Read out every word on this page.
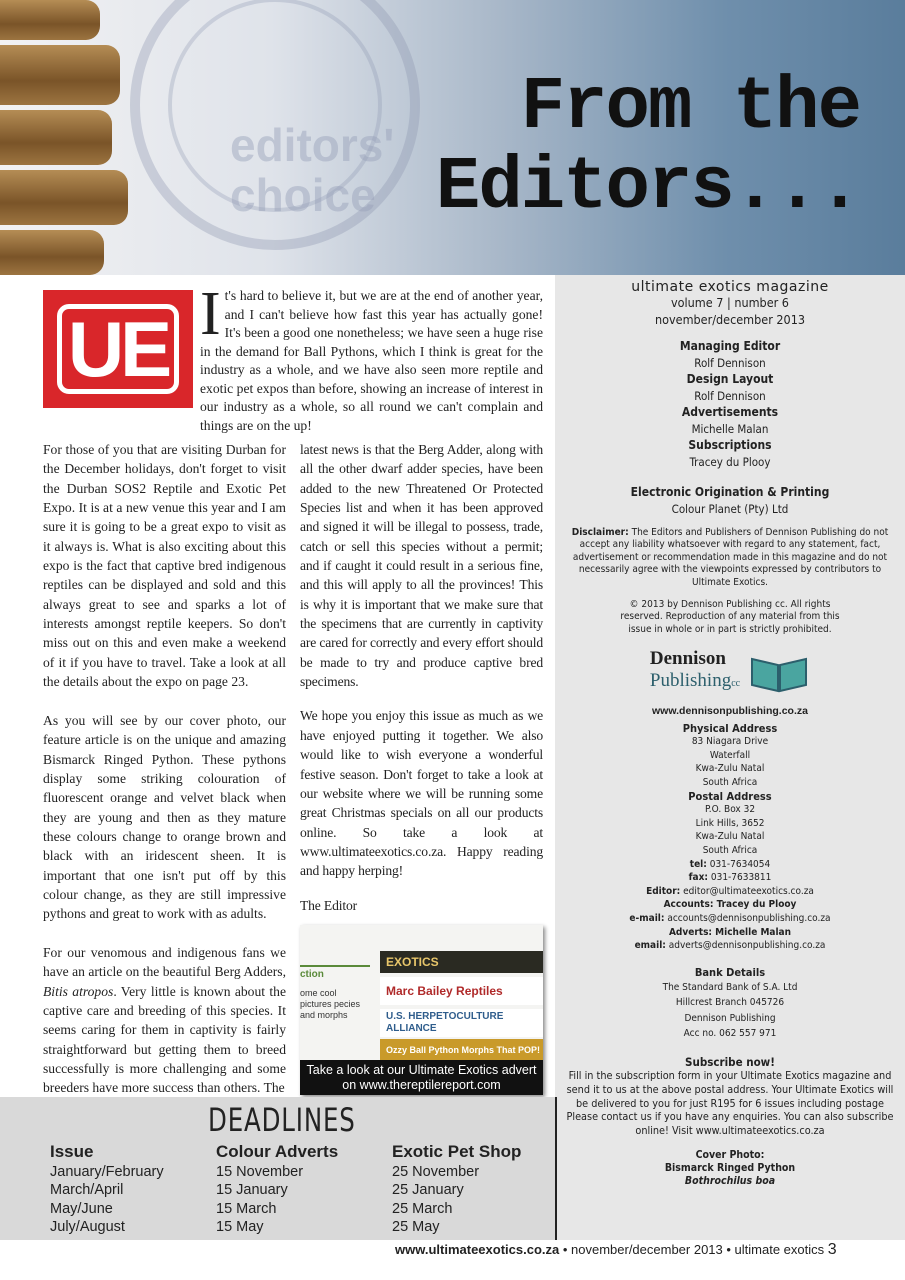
editors'
choice
From the
Editors...
UE It's hard to believe it, but we are at the end of another year, and I can't believe how fast this year has actually gone! It's been a good one nonetheless; we have seen a huge rise in the demand for Ball Pythons, which I think is great for the industry as a whole, and we have also seen more reptile and exotic pet expos than before, showing an increase of interest in our industry as a whole, so all round we can't complain and things are on the up!

For those of you that are visiting Durban for the December holidays, don't forget to visit the Durban SOS2 Reptile and Exotic Pet Expo. It is at a new venue this year and I am sure it is going to be a great expo to visit as it always is. What is also exciting about this expo is the fact that captive bred indigenous reptiles can be displayed and sold and this always great to see and sparks a lot of interests amongst reptile keepers. So don't miss out on this and even make a weekend of it if you have to travel. Take a look at all the details about the expo on page 23.

As you will see by our cover photo, our feature article is on the unique and amazing Bismarck Ringed Python. These pythons display some striking colouration of fluorescent orange and velvet black when they are young and then as they mature these colours change to orange brown and black with an iridescent sheen. It is important that one isn't put off by this colour change, as they are still impressive pythons and great to work with as adults.

For our venomous and indigenous fans we have an article on the beautiful Berg Adders, Bitis atropos. Very little is known about the captive care and breeding of this species. It seems caring for them in captivity is fairly straightforward but getting them to breed successfully is more challenging and some breeders have more success than others. The

latest news is that the Berg Adder, along with all the other dwarf adder species, have been added to the new Threatened Or Protected Species list and when it has been approved and signed it will be illegal to possess, trade, catch or sell this species without a permit; and if caught it could result in a serious fine, and this will apply to all the provinces! This is why it is important that we make sure that the specimens that are currently in captivity are cared for correctly and every effort should be made to try and produce captive bred specimens.

We hope you enjoy this issue as much as we have enjoyed putting it together. We also would like to wish everyone a wonderful festive season. Don't forget to take a look at our website where we will be running some great Christmas specials on all our products online. So take a look at www.ultimateexotics.co.za. Happy reading and happy herping!

The Editor

ction
ome cool pictures pecies and morphs
EXOTICS
Marc Bailey Reptiles
U.S. HERPETOCULTURE ALLIANCE
Ozzy Ball Python Morphs That POP!
Take a look at our Ultimate Exotics advert on www.thereptilereport.com
ultimate exotics magazine
volume 7 | number 6
november/december 2013
Managing Editor
Rolf Dennison
Design Layout
Rolf Dennison
Advertisements
Michelle Malan
Subscriptions
Tracey du Plooy
Electronic Origination & Printing
Colour Planet (Pty) Ltd
Disclaimer: The Editors and Publishers of Dennison Publishing do not accept any liability whatsoever with regard to any statement, fact, advertisement or recommendation made in this magazine and do not necessarily agree with the viewpoints expressed by contributors to Ultimate Exotics.
© 2013 by Dennison Publishing cc. All rights reserved. Reproduction of any material from this issue in whole or in part is strictly prohibited.
Dennison
Publishingcc
www.dennisonpublishing.co.za
Physical Address
83 Niagara Drive
Waterfall
Kwa-Zulu Natal
South Africa
Postal Address
P.O. Box 32
Link Hills, 3652
Kwa-Zulu Natal
South Africa
tel: 031-7634054
fax: 031-7633811
Editor: editor@ultimateexotics.co.za
Accounts: Tracey du Plooy
e-mail: accounts@dennisonpublishing.co.za
Adverts: Michelle Malan
email: adverts@dennisonpublishing.co.za
Bank Details
The Standard Bank of S.A. Ltd
Hillcrest Branch 045726
Dennison Publishing
Acc no. 062 557 971
Subscribe now!
Fill in the subscription form in your Ultimate Exotics magazine and send it to us at the above postal address. Your Ultimate Exotics will be delivered to you for just R195 for 6 issues including postage Please contact us if you have any enquiries. You can also subscribe online! Visit www.ultimateexotics.co.za
Cover Photo:
Bismarck Ringed Python
Bothrochilus boa
DEADLINES
Issue
January/February
March/April
May/June
July/August
Colour Adverts
15 November
15 January
15 March
15 May
Exotic Pet Shop
25 November
25 January
25 March
25 May
www.ultimateexotics.co.za • november/december 2013 • ultimate exotics 3
